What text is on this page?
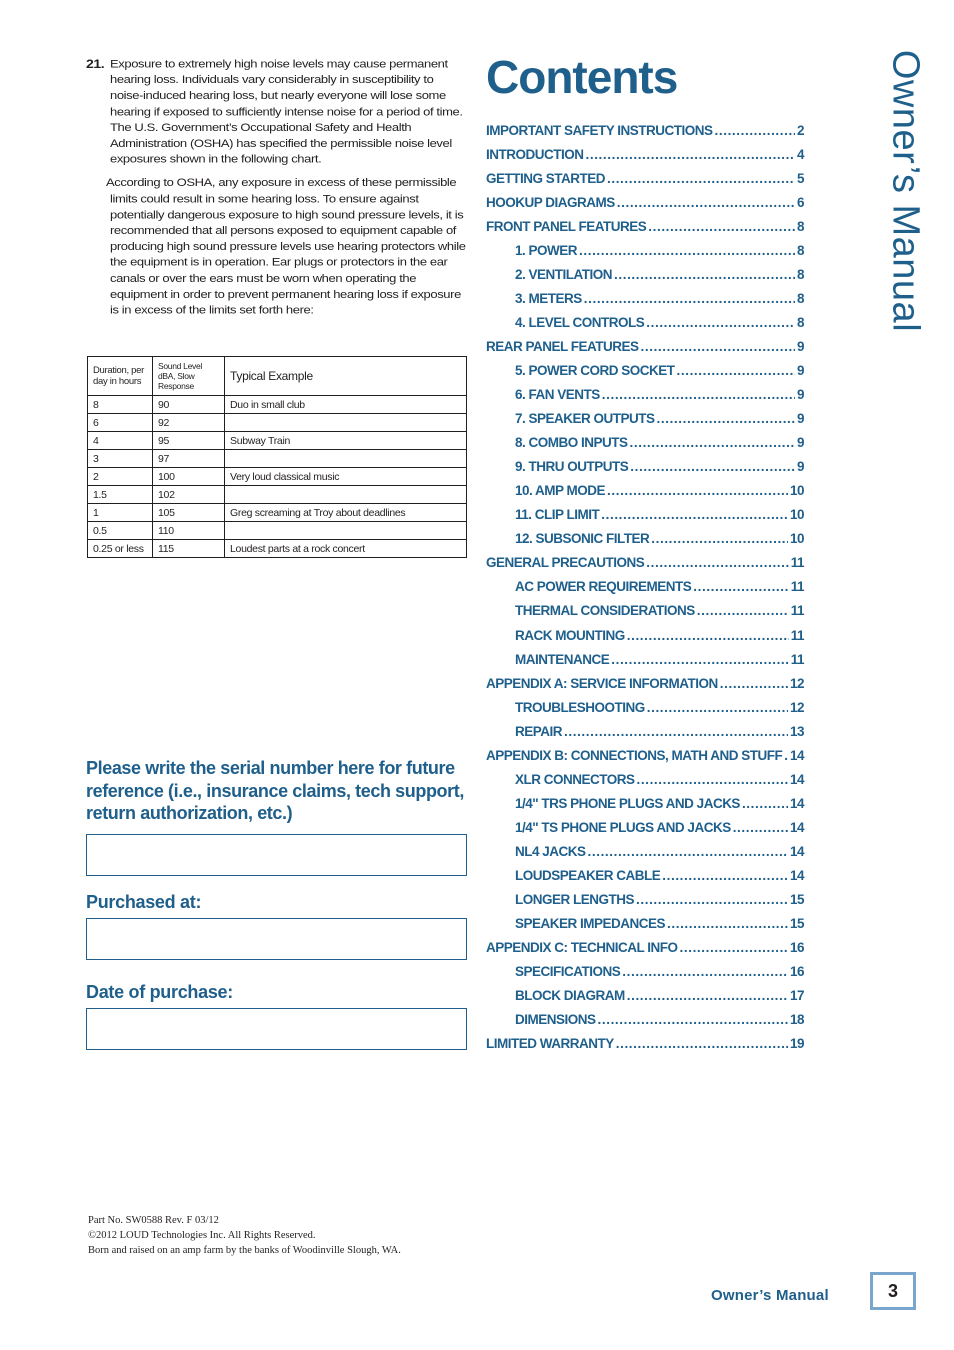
21. Exposure to extremely high noise levels may cause permanent hearing loss. Individuals vary considerably in susceptibility to noise-induced hearing loss, but nearly everyone will lose some hearing if exposed to sufficiently intense noise for a period of time. The U.S. Government’s Occupational Safety and Health Administration (OSHA) has specified the permissible noise level exposures shown in the following chart.

According to OSHA, any exposure in excess of these permissible limits could result in some hearing loss. To ensure against potentially dangerous exposure to high sound pressure levels, it is recommended that all persons exposed to equipment capable of producing high sound pressure levels use hearing protectors while the equipment is in operation. Ear plugs or protectors in the ear canals or over the ears must be worn when operating the equipment in order to prevent permanent hearing loss if exposure is in excess of the limits set forth here:

Duration, per day in hours	Sound Level dBA, Slow Response	Typical Example
8	90	Duo in small club
6	92	
4	95	Subway Train
3	97	
2	100	Very loud classical music
1.5	102	
1	105	Greg screaming at Troy about deadlines
0.5	110	
0.25 or less	115	Loudest parts at a rock concert
Please write the serial number here for future reference (i.e., insurance claims, tech support, return authorization, etc.)
Purchased at:
Date of purchase:
Contents
IMPORTANT SAFETY INSTRUCTIONS .....	2
INTRODUCTION .....	4
GETTING STARTED .....	5
HOOKUP DIAGRAMS .....	6
FRONT PANEL FEATURES .....	8
1. POWER .....	8
2. VENTILATION .....	8
3. METERS .....	8
4. LEVEL CONTROLS .....	8
REAR PANEL FEATURES .....	9
5. POWER CORD SOCKET .....	9
6. FAN VENTS .....	9
7. SPEAKER OUTPUTS .....	9
8. COMBO INPUTS .....	9
9. THRU OUTPUTS .....	9
10. AMP MODE .....	10
11. CLIP LIMIT .....	10
12. SUBSONIC FILTER .....	10
GENERAL PRECAUTIONS .....	11
AC POWER REQUIREMENTS .....	11
THERMAL CONSIDERATIONS .....	11
RACK MOUNTING .....	11
MAINTENANCE .....	11
APPENDIX A: SERVICE INFORMATION .....	12
TROUBLESHOOTING .....	12
REPAIR .....	13
APPENDIX B: CONNECTIONS, MATH AND STUFF ..... 14
XLR CONNECTORS .....	14
1/4" TRS PHONE PLUGS AND JACKS .....	14
1/4" TS PHONE PLUGS AND JACKS .....	14
NL4 JACKS .....	14
LOUDSPEAKER CABLE .....	14
LONGER LENGTHS .....	15
SPEAKER IMPEDANCES .....	15
APPENDIX C: TECHNICAL INFO .....	16
SPECIFICATIONS .....	16
BLOCK DIAGRAM .....	17
DIMENSIONS .....	18
LIMITED WARRANTY .....	19
Owner’s Manual
Part No. SW0588 Rev. F 03/12
©2012 LOUD Technologies Inc. All Rights Reserved.
Born and raised on an amp farm by the banks of Woodinville Slough, WA.
Owner’s Manual	3
